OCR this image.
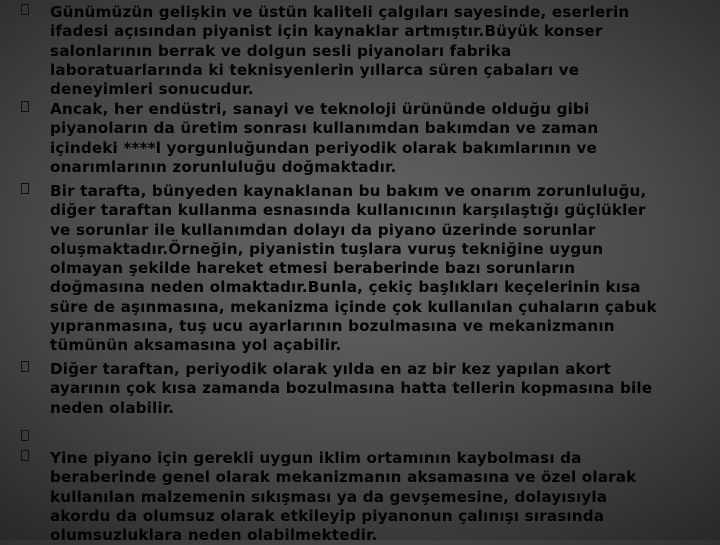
Günümüzün gelişkin ve üstün kaliteli çalgıları sayesinde, eserlerin
ifadesi açısından piyanist için kaynaklar artmıştır.Büyük konser
salonlarının berrak ve dolgun sesli piyanoları fabrika
laboratuarlarında ki teknisyenlerin yıllarca süren çabaları ve
deneyimleri sonucudur.
Ancak, her endüstri, sanayi ve teknoloji ürününde olduğu gibi
piyanoların da üretim sonrası kullanımdan bakımdan ve zaman
içindeki ****l yorgunluğundan periyodik olarak bakımlarının ve
onarımlarının zorunluluğu doğmaktadır.
Bir tarafta, bünyeden kaynaklanan bu bakım ve onarım zorunluluğu,
diğer taraftan kullanma esnasında kullanıcının karşılaştığı güçlükler
ve sorunlar ile kullanımdan dolayı da piyano üzerinde sorunlar
oluşmaktadır.Örneğin, piyanistin tuşlara vuruş tekniğine uygun
olmayan şekilde hareket etmesi beraberinde bazı sorunların
doğmasına neden olmaktadır.Bunla, çekiç başlıkları keçelerinin kısa
süre de aşınmasına, mekanizma içinde çok kullanılan çuhaların çabuk
yıpranmasına, tuş ucu ayarlarının bozulmasına ve mekanizmanın
tümünün aksamasına yol açabilir.
Diğer taraftan, periyodik olarak yılda en az bir kez yapılan akort
ayarının çok kısa zamanda bozulmasına hatta tellerin kopmasına bile
neden olabilir.
Yine piyano için gerekli uygun iklim ortamının kaybolması da
beraberinde genel olarak mekanizmanın aksamasına ve özel olarak
kullanılan malzemenin sıkışması ya da gevşemesine, dolayısıyla
akordu da olumsuz olarak etkileyip piyanonun çalınışı sırasında
olumsuzluklara neden olabilmektedir.
